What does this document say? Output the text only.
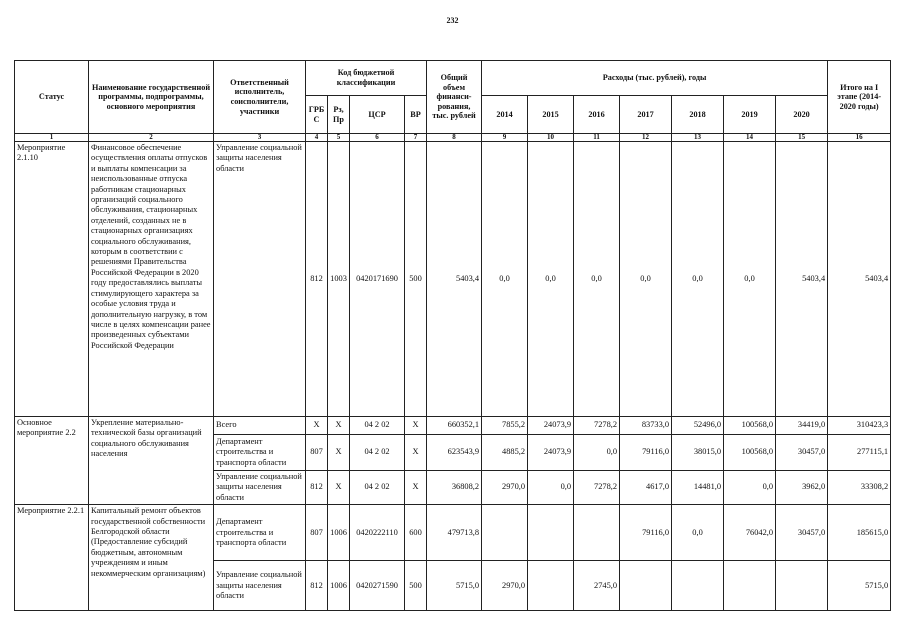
232
Статус	Наименование государственной программы, подпрограммы, основного мероприятия	Ответственный исполнитель, соисполнители, участники	Код бюджетной классификации				Общий объем финанси-рования, тыс. рублей	Расходы (тыс. рублей), годы							Итого на I этапе (2014-2020 годы)
			ГРБ С	Рз, Пр	ЦСР	ВР		2014	2015	2016	2017	2018	2019	2020	
1	2	3	4	5	6	7	8	9	10	11	12	13	14	15	16
Мероприятие 2.1.10	Финансовое обеспечение осуществления оплаты отпусков и выплаты компенсации за неиспользованные отпуска работникам стационарных организаций социального обслуживания, стационарных отделений, созданных не в стационарных организациях социального обслуживания, которым в соответствии с решениями Правительства Российской Федерации в 2020 году предоставлялись выплаты стимулирующего характера за особые условия труда и дополнительную нагрузку, в том числе в целях компенсации ранее произведенных субъектами Российской Федерации	Управление социальной защиты населения области	812	1003	0420171690	500	5403,4	0,0	0,0	0,0	0,0	0,0	0,0	5403,4	5403,4
Основное мероприятие 2.2	Укрепление материально-технической базы организаций социального обслуживания населения	Всего	Х	Х	04 2 02	Х	660352,1	7855,2	24073,9	7278,2	83733,0	52496,0	100568,0	34419,0	310423,3
		Департамент строительства и транспорта области	807	Х	04 2 02	Х	623543,9	4885,2	24073,9	0,0	79116,0	38015,0	100568,0	30457,0	277115,1
		Управление социальной защиты населения области	812	Х	04 2 02	Х	36808,2	2970,0	0,0	7278,2	4617,0	14481,0	0,0	3962,0	33308,2
Мероприятие 2.2.1	Капитальный ремонт объектов государственной собственности Белгородской области (Предоставление субсидий бюджетным, автономным учреждениям и иным некоммерческим организациям)	Департамент строительства и транспорта области	807	1006	0420222110	600	479713,8				79116,0	0,0	76042,0	30457,0	185615,0
		Управление социальной защиты населения области	812	1006	0420271590	500	5715,0	2970,0		2745,0					5715,0
